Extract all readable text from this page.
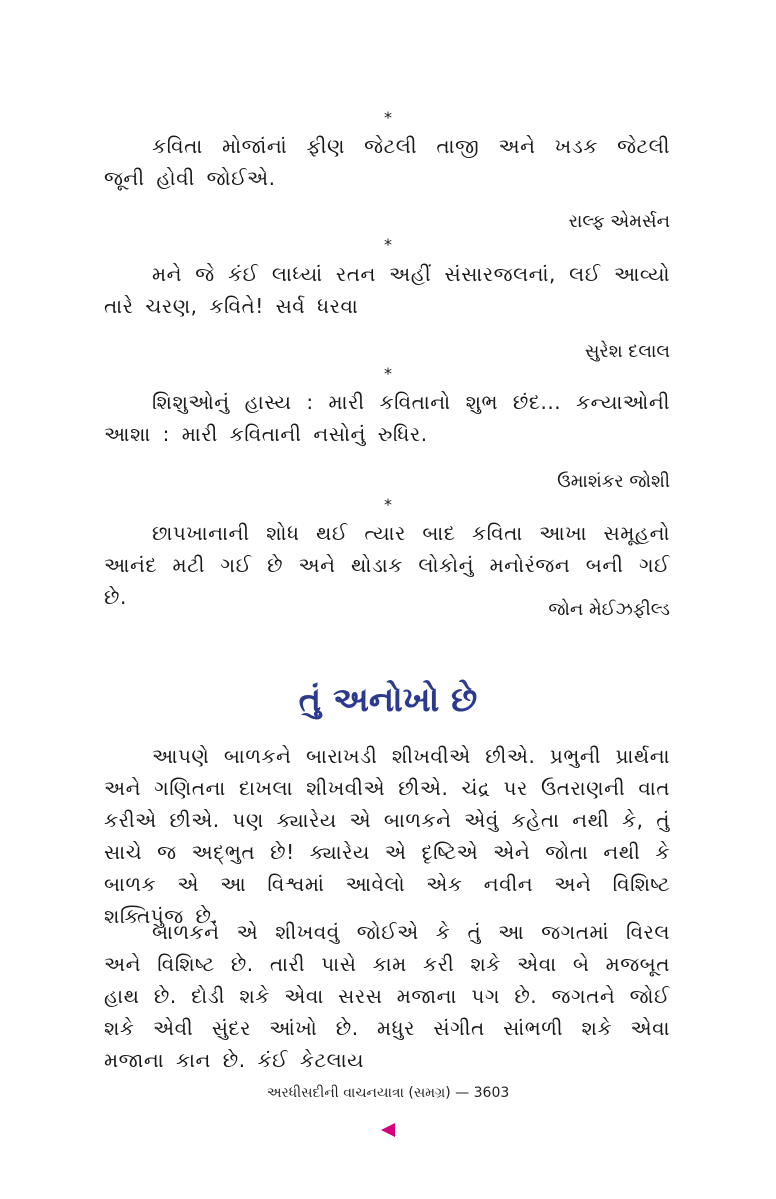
*
કવિતા મોજાંનાં ફીણ જેટલી તાજી અને ખડક જેટલી જૂની હોવી જોઈએ.
રાલ્ફ એમર્સન
*
મને જે કંઈ લાધ્યાં રતન અહીં સંસારજલનાં, લઈ આવ્યો તારે ચરણ, કવિતે! સર્વ ધરવા
સુરેશ દલાલ
*
શિશુઓનું હાસ્ય : મારી કવિતાનો શુભ છંદ... કન્યાઓની આશા : મારી કવિતાની નસોનું રુધિર.
ઉમાશંકર જોશી
*
છાપખાનાની શોધ થઈ ત્યાર બાદ કવિતા આખા સમૂહનો આનંદ મટી ગઈ છે અને થોડાક લોકોનું મનોરંજન બની ગઈ છે.
જોન મેઈઝફીલ્ડ
તું અનોખો છે
આપણે બાળકને બારાખડી શીખવીએ છીએ. પ્રભુની પ્રાર્થના અને ગણિતના દાખલા શીખવીએ છીએ. ચંદ્ર પર ઉતરાણની વાત કરીએ છીએ. પણ ક્યારેય એ બાળકને એવું કહેતા નથી કે, તું સાચે જ અદ્ભુત છે! ક્યારેય એ દૃષ્ટિએ એને જોતા નથી કે બાળક એ આ વિશ્વમાં આવેલો એક નવીન અને વિશિષ્ટ શક્તિપુંજ છે.
બાળકને એ શીખવવું જોઈએ કે તું આ જગતમાં વિરલ અને વિશિષ્ટ છે. તારી પાસે કામ કરી શકે એવા બે મજબૂત હાથ છે. દોડી શકે એવા સરસ મજાના પગ છે. જગતને જોઈ શકે એવી સુંદર આંખો છે. મધુર સંગીત સાંભળી શકે એવા મજાના કાન છે. કંઈ કેટલાય
અરધીસદીની વાચનયાત્રા (સમગ્ર) — 3603
